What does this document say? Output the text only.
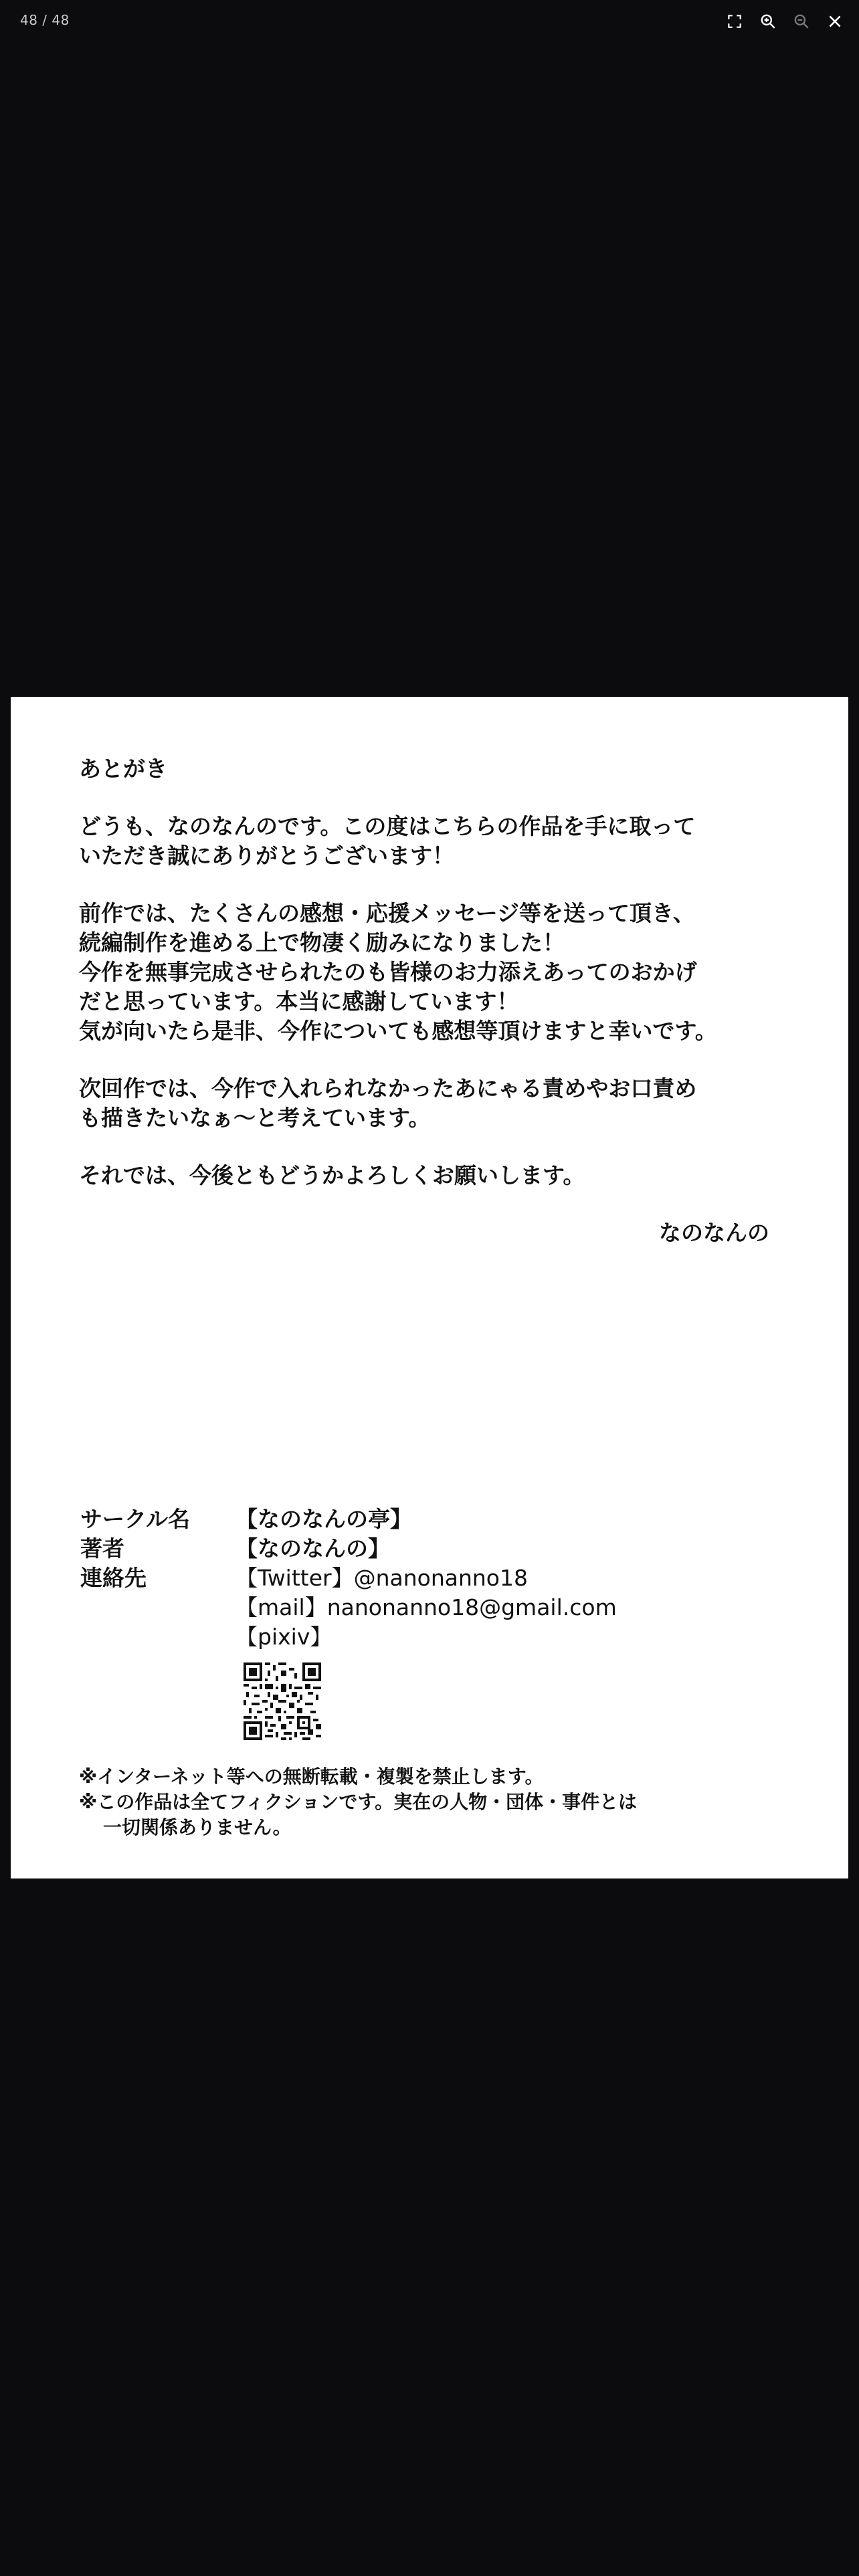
48 / 48

あとがき

どうも、なのなんのです。この度はこちらの作品を手に取って
いただき誠にありがとうございます！

前作では、たくさんの感想・応援メッセージ等を送って頂き、
続編制作を進める上で物凄く励みになりました！
今作を無事完成させられたのも皆様のお力添えあってのおかげ
だと思っています。本当に感謝しています！
気が向いたら是非、今作についても感想等頂けますと幸いです。

次回作では、今作で入れられなかったあにゃる責めやお口責め
も描きたいなぁ〜と考えています。

それでは、今後ともどうかよろしくお願いします。

なのなんの
サークル名	【なのなんの亭】
著者	【なのなんの】
連絡先	【Twitter】@nanonanno18
【mail】nanonanno18@gmail.com
【pixiv】
※インターネット等への無断転載・複製を禁止します。
※この作品は全てフィクションです。実在の人物・団体・事件とは
一切関係ありません。
